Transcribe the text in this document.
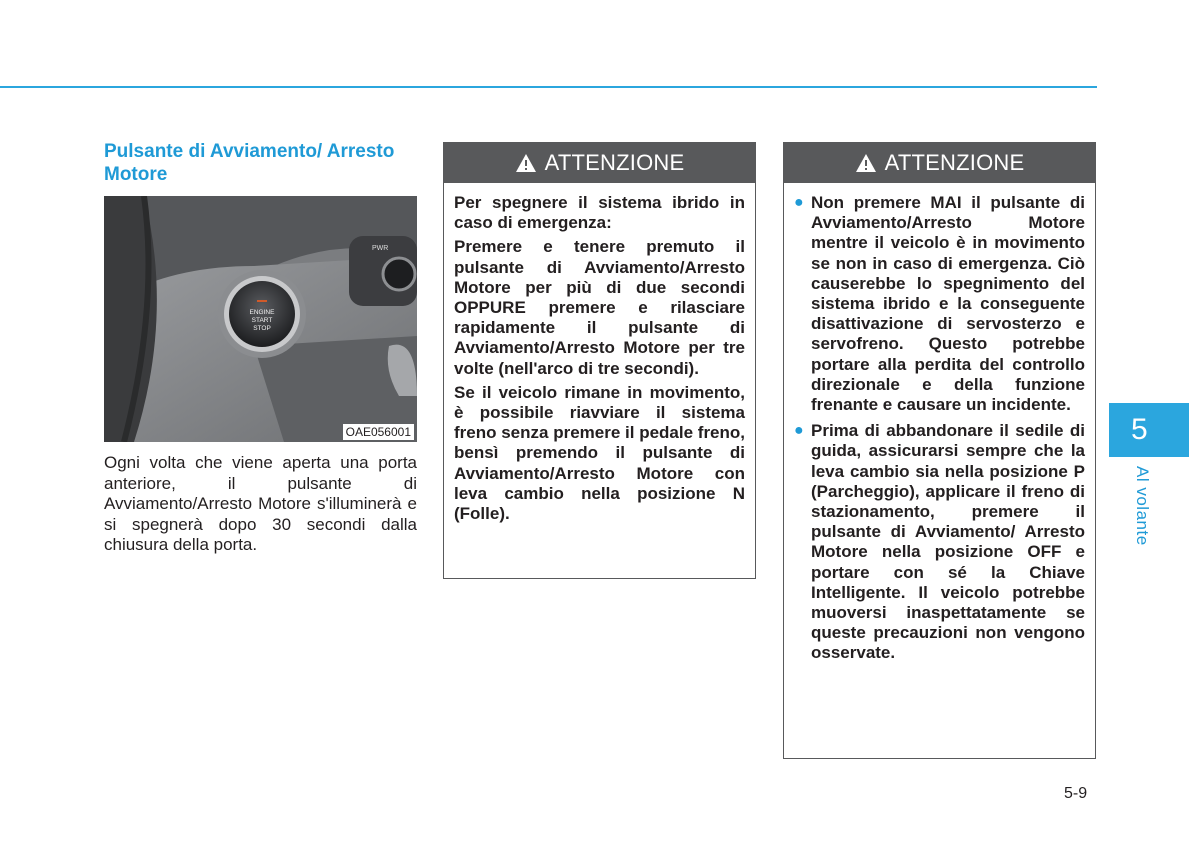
Pulsante di Avviamento/ Arresto Motore
PWR
ENGINE
START
STOP
OAE056001
Ogni volta che viene aperta una porta anteriore, il pulsante di Avviamento/Arresto Motore s'illuminerà e si spegnerà dopo 30 secondi dalla chiusura della porta.
ATTENZIONE

Per spegnere il sistema ibrido in caso di emergenza:

Premere e tenere premuto il pulsante di Avviamento/Arresto Motore per più di due secondi OPPURE premere e rilasciare rapidamente il pulsante di Avviamento/Arresto Motore per tre volte (nell'arco di tre secondi).

Se il veicolo rimane in movimento, è possibile riavviare il sistema freno senza premere il pedale freno, bensì premendo il pulsante di Avviamento/Arresto Motore con leva cambio nella posizione N (Folle).

ATTENZIONE
● Non premere MAI il pulsante di Avviamento/Arresto Motore mentre il veicolo è in movimento se non in caso di emergenza. Ciò causerebbe lo spegnimento del sistema ibrido e la conseguente disattivazione di servosterzo e servofreno. Questo potrebbe portare alla perdita del controllo direzionale e della funzione frenante e causare un incidente.
● Prima di abbandonare il sedile di guida, assicurarsi sempre che la leva cambio sia nella posizione P (Parcheggio), applicare il freno di stazionamento, premere il pulsante di Avviamento/ Arresto Motore nella posizione OFF e portare con sé la Chiave Intelligente. Il veicolo potrebbe muoversi inaspettatamente se queste precauzioni non vengono osservate.
5
Al volante
5-9
